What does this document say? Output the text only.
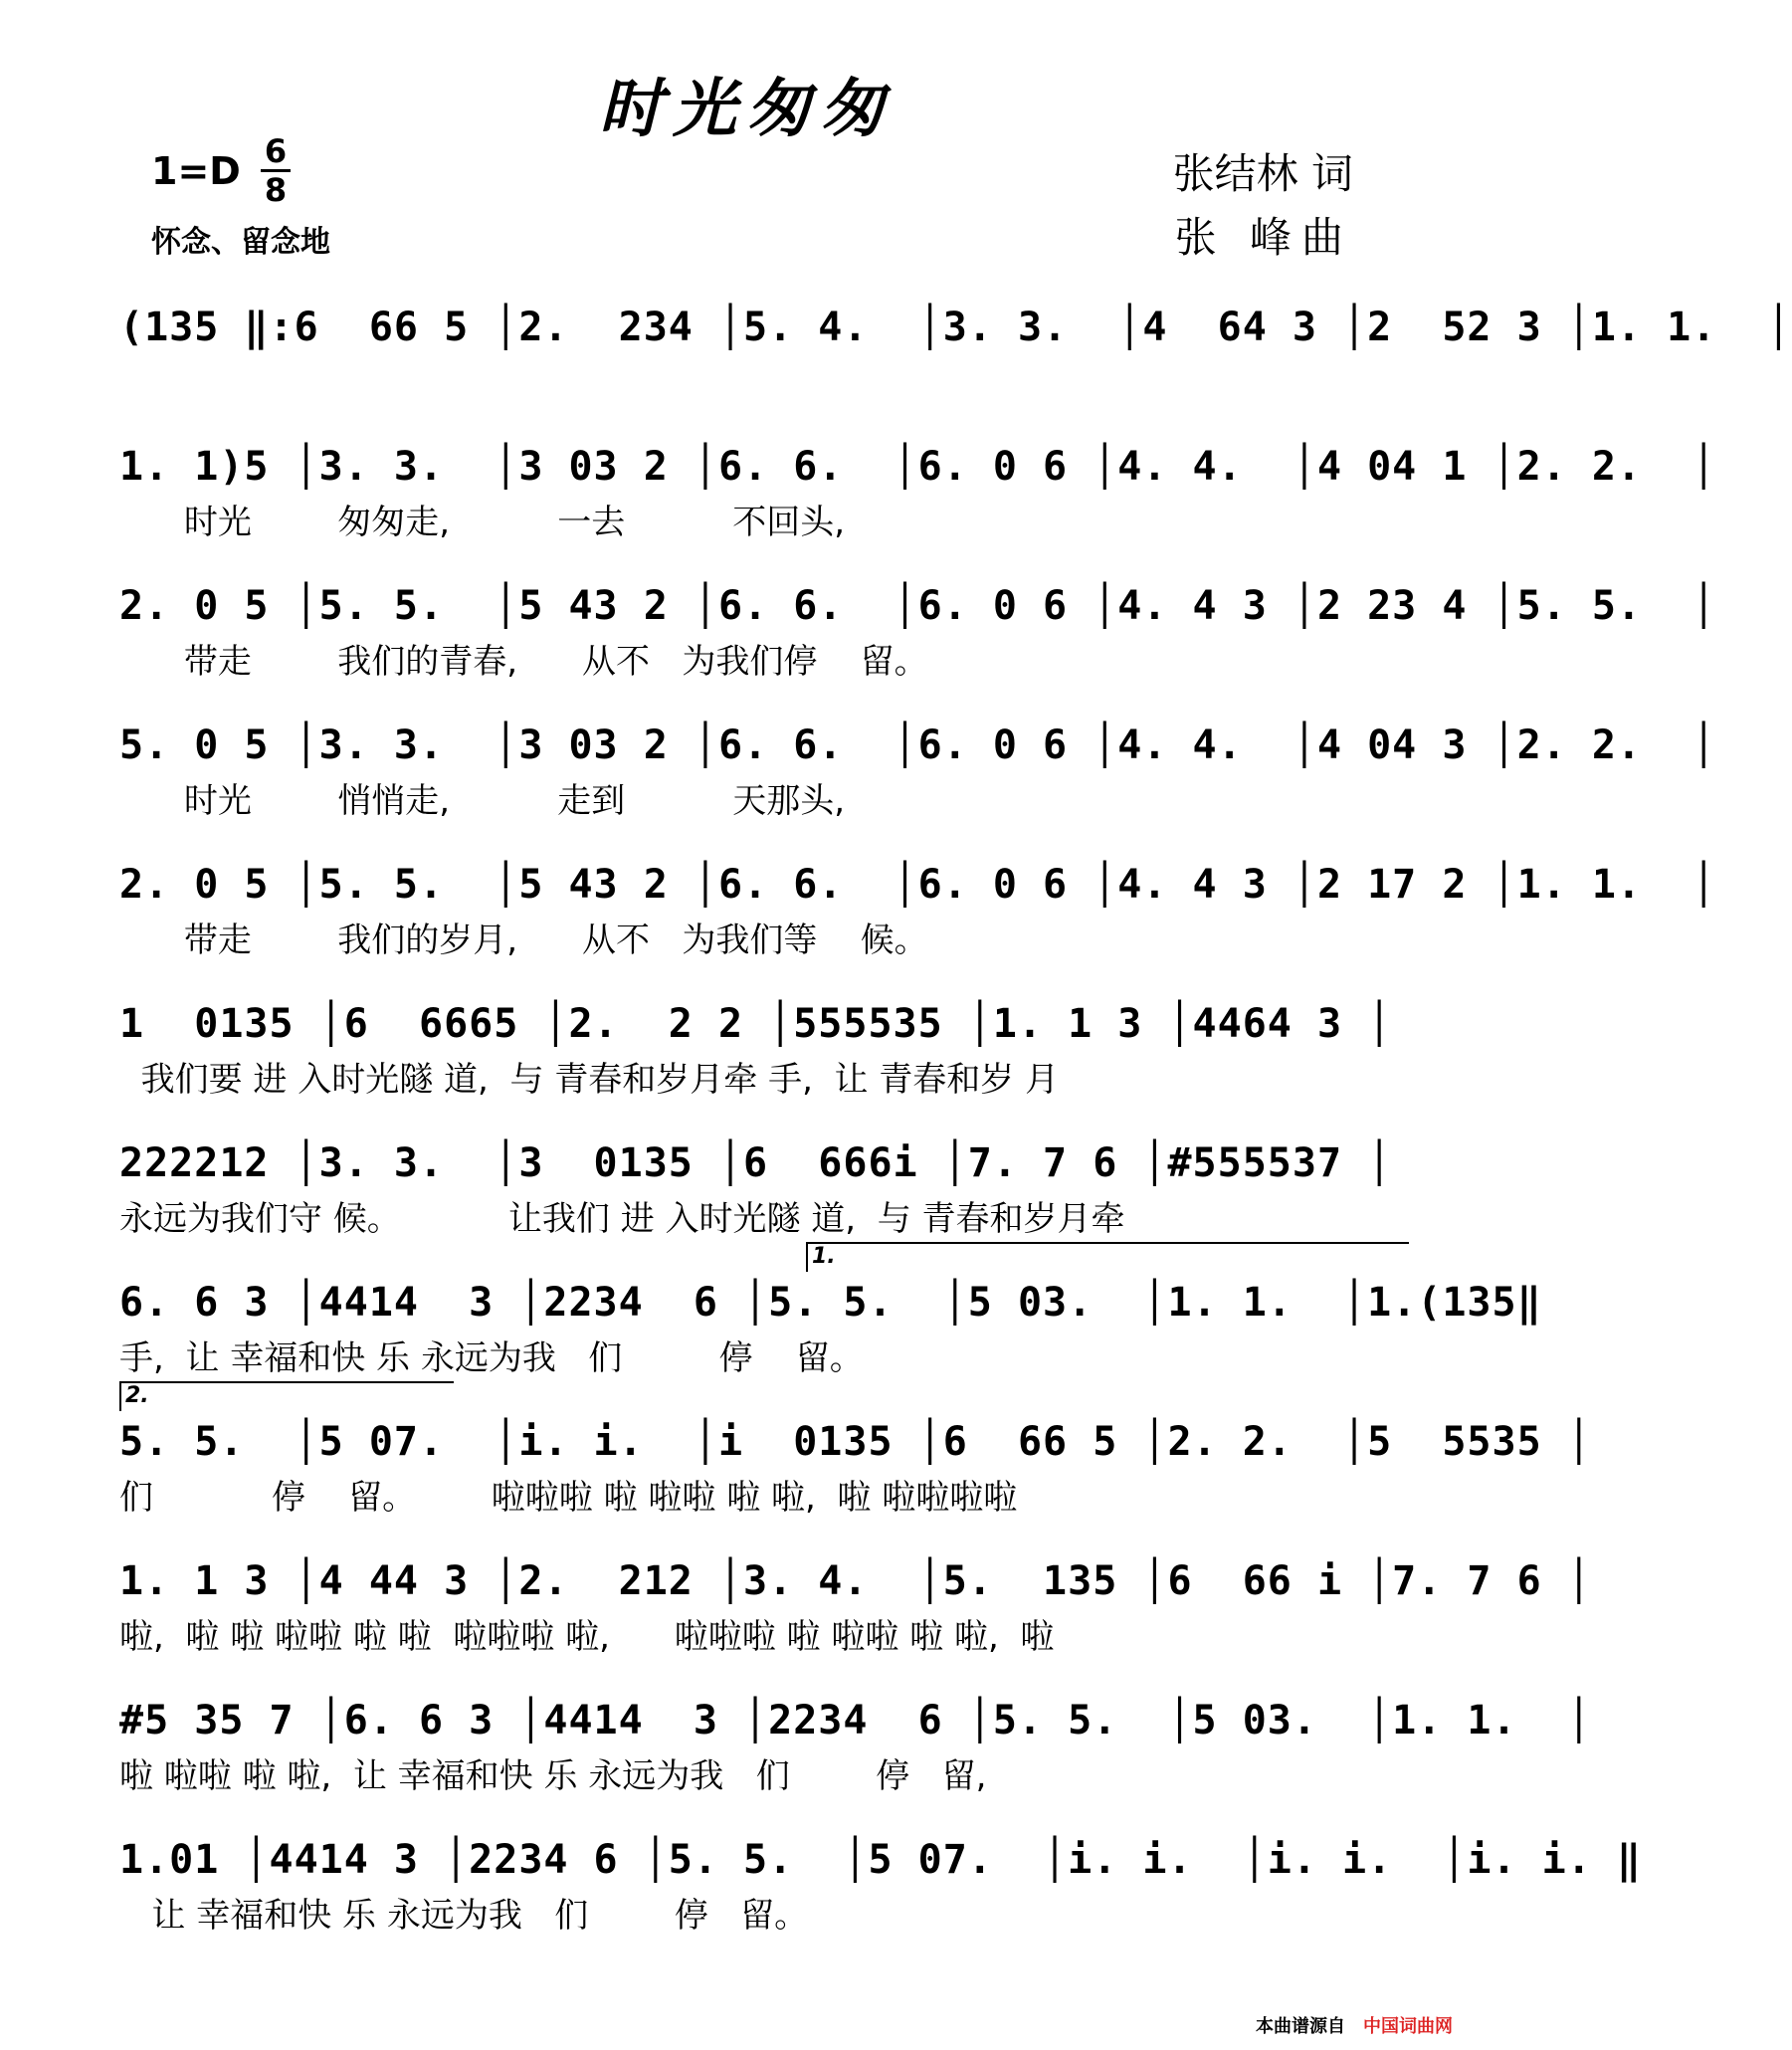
时光匆匆
1=D 6
8
怀念、留念地
张结林 词
张 峰曲
(135 ‖:6  66 5 │2.  234 │5. 4.  │3. 3.  │4  64 3 │2  52 3 │1. 1.  │
1. 1)5 │3. 3.  │3 03 2 │6. 6.  │6. 0 6 │4. 4.  │4 04 1 │2. 2.  │
时光        匆匆走,          一去          不回头,
2. 0 5 │5. 5.  │5 43 2 │6. 6.  │6. 0 6 │4. 4 3 │2 23 4 │5. 5.  │
带走        我们的青春,      从不   为我们停    留。
5. 0 5 │3. 3.  │3 03 2 │6. 6.  │6. 0 6 │4. 4.  │4 04 3 │2. 2.  │
时光        悄悄走,          走到          天那头,
2. 0 5 │5. 5.  │5 43 2 │6. 6.  │6. 0 6 │4. 4 3 │2 17 2 │1. 1.  │
带走        我们的岁月,      从不   为我们等    候。
1  0135 │6  6665 │2.  2 2 │555535 │1. 1 3 │4464 3 │
我们要 进 入时光隧 道,  与 青春和岁月牵 手,  让 青春和岁 月
222212 │3. 3.  │3  0135 │6  666i │7. 7 6 │#555537 │
永远为我们守 候。          让我们 进 入时光隧 道,  与 青春和岁月牵
1.
6. 6 3 │4414  3 │2234  6 │5. 5.  │5 03.  │1. 1.  │1.(135‖
手,  让 幸福和快 乐 永远为我   们         停    留。
2.
5. 5.  │5 07.  │i. i.  │i  0135 │6  66 5 │2. 2.  │5  5535 │
们           停    留。       啦啦啦 啦 啦啦 啦 啦,  啦 啦啦啦啦
1. 1 3 │4 44 3 │2.  212 │3. 4.  │5.  135 │6  66 i │7. 7 6 │
啦,  啦 啦 啦啦 啦 啦  啦啦啦 啦,      啦啦啦 啦 啦啦 啦 啦,  啦
#5 35 7 │6. 6 3 │4414  3 │2234  6 │5. 5.  │5 03.  │1. 1.  │
啦 啦啦 啦 啦,  让 幸福和快 乐 永远为我   们        停   留,
1.01 │4414 3 │2234 6 │5. 5.  │5 07.  │i. i.  │i. i.  │i. i. ‖
让 幸福和快 乐 永远为我   们        停   留。
本曲谱源自 中国词曲网
